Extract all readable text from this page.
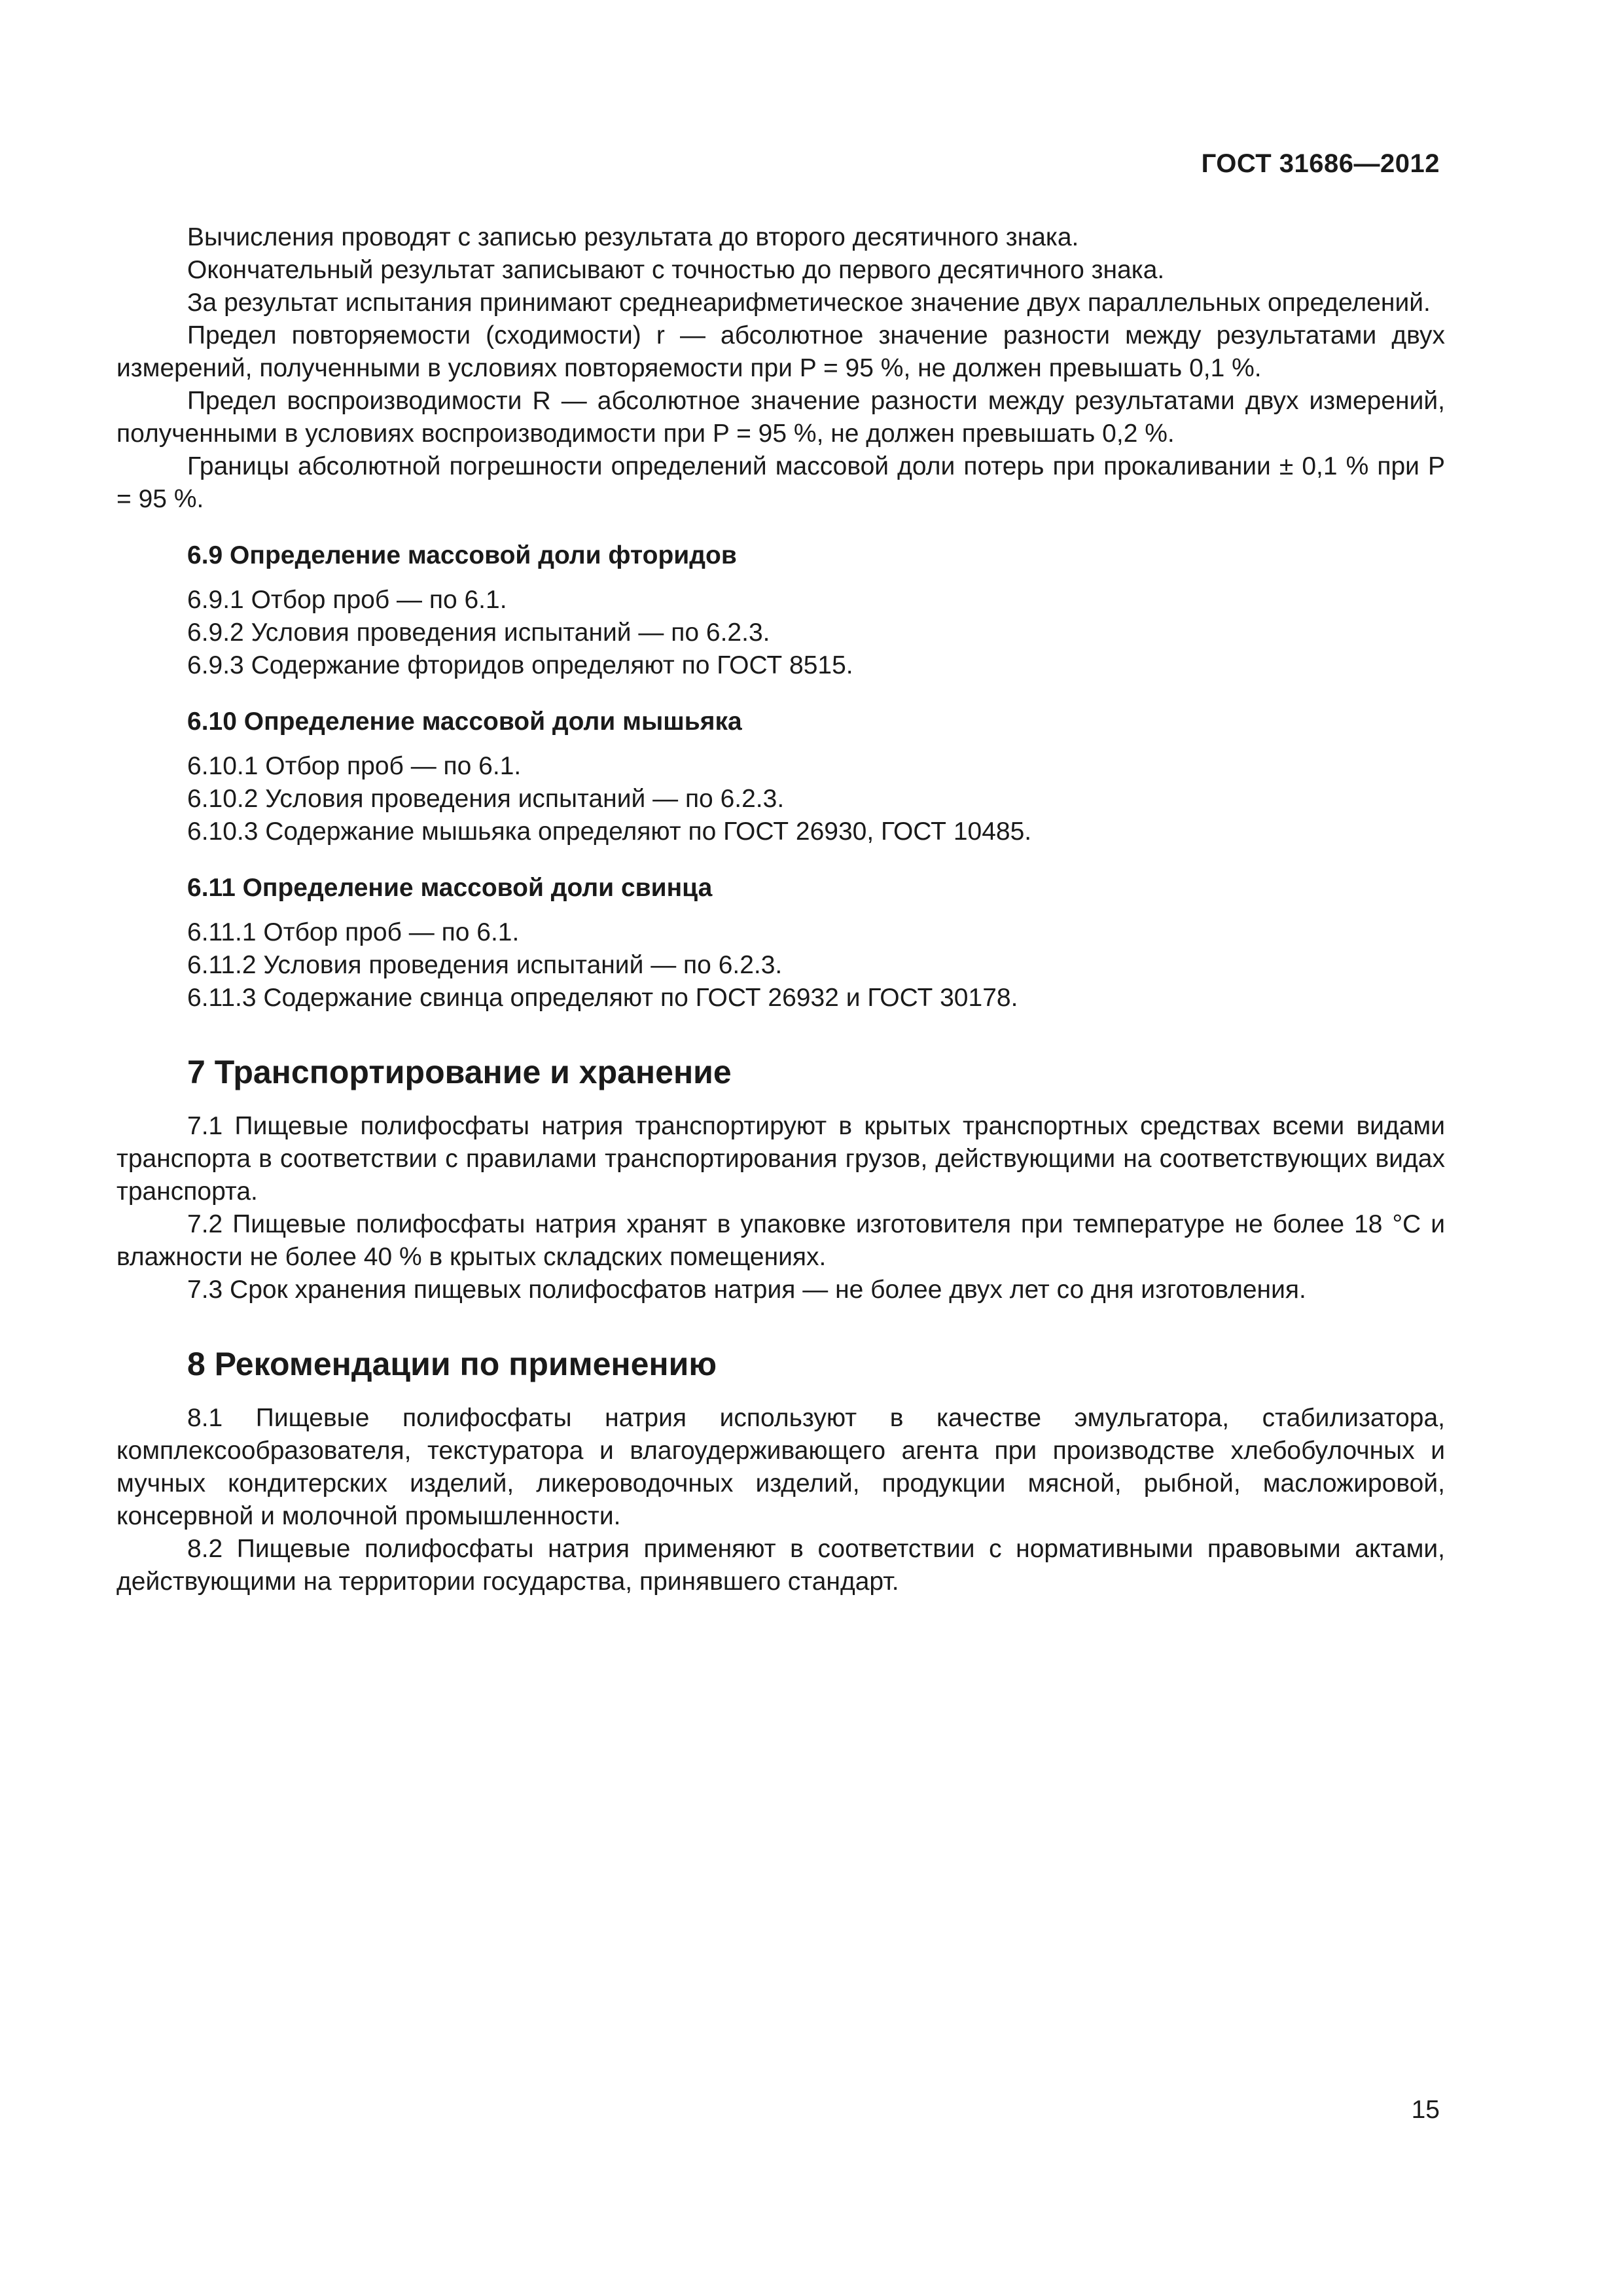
ГОСТ 31686—2012

Вычисления проводят с записью результата до второго десятичного знака.

Окончательный результат записывают с точностью до первого десятичного знака.

За результат испытания принимают среднеарифметическое значение двух параллельных определений.

Предел повторяемости (сходимости) r — абсолютное значение разности между результатами двух измерений, полученными в условиях повторяемости при P = 95 %, не должен превышать 0,1 %.

Предел воспроизводимости R — абсолютное значение разности между результатами двух измерений, полученными в условиях воспроизводимости при P = 95 %, не должен превышать 0,2 %.

Границы абсолютной погрешности определений массовой доли потерь при прокаливании ± 0,1 % при P = 95 %.

6.9 Определение массовой доли фторидов

6.9.1 Отбор проб — по 6.1.

6.9.2 Условия проведения испытаний — по 6.2.3.

6.9.3 Содержание фторидов определяют по ГОСТ 8515.

6.10 Определение массовой доли мышьяка

6.10.1 Отбор проб — по 6.1.

6.10.2 Условия проведения испытаний — по 6.2.3.

6.10.3 Содержание мышьяка определяют по ГОСТ 26930, ГОСТ 10485.

6.11 Определение массовой доли свинца

6.11.1 Отбор проб — по 6.1.

6.11.2 Условия проведения испытаний — по 6.2.3.

6.11.3 Содержание свинца определяют по ГОСТ 26932 и ГОСТ 30178.

7 Транспортирование и хранение

7.1 Пищевые полифосфаты натрия транспортируют в крытых транспортных средствах всеми видами транспорта в соответствии с правилами транспортирования грузов, действующими на соответствующих видах транспорта.

7.2 Пищевые полифосфаты натрия хранят в упаковке изготовителя при температуре не более 18 °С и влажности не более 40 % в крытых складских помещениях.

7.3 Срок хранения пищевых полифосфатов натрия — не более двух лет со дня изготовления.

8 Рекомендации по применению

8.1 Пищевые полифосфаты натрия используют в качестве эмульгатора, стабилизатора, комплексообразователя, текстуратора и влагоудерживающего агента при производстве хлебобулочных и мучных кондитерских изделий, ликероводочных изделий, продукции мясной, рыбной, масложировой, консервной и молочной промышленности.

8.2 Пищевые полифосфаты натрия применяют в соответствии с нормативными правовыми актами, действующими на территории государства, принявшего стандарт.

15
